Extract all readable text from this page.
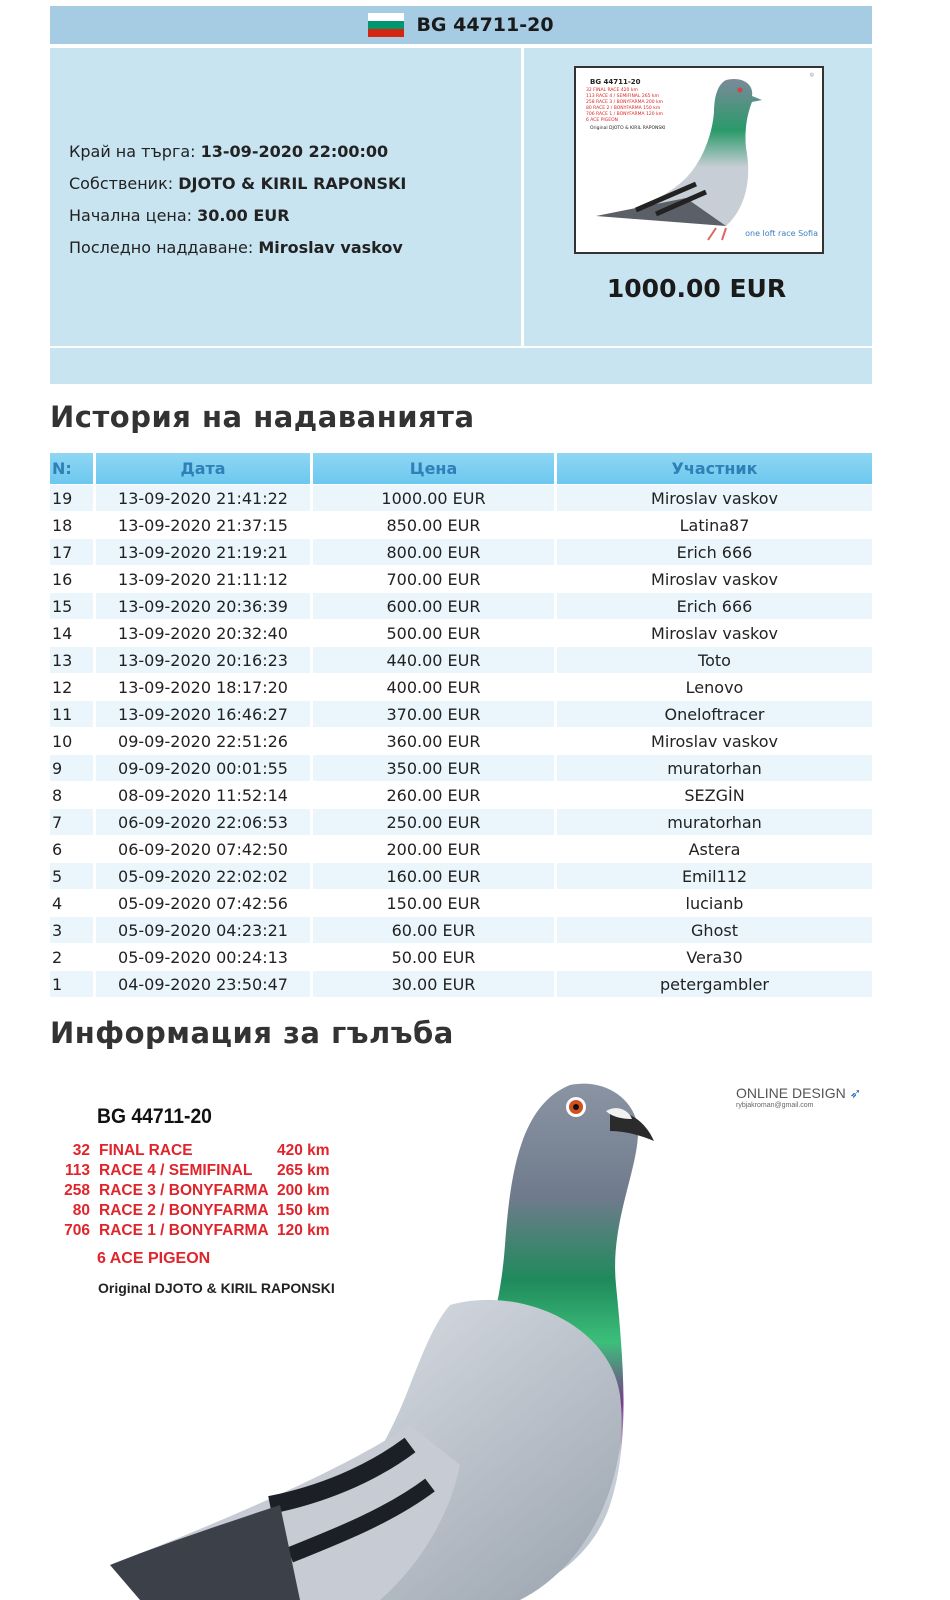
BG 44711-20
Край на търга: 13-09-2020 22:00:00
Собственик: DJOTO & KIRIL RAPONSKI
Начална цена: 30.00 EUR
Последно наддаване: Miroslav vaskov
BG 44711-20
32 FINAL RACE 420 km
113 RACE 4 / SEMIFINAL 265 km
258 RACE 3 / BONYFARMA 200 km
80 RACE 2 / BONYFARMA 150 km
706 RACE 1 / BONYFARMA 120 km
6 ACE PIGEON
Original DJOTO & KIRIL RAPONSKI
◎
one loft race Sofia
1000.00 EUR
История на надаванията
N:	Дата	Цена	Участник
19	13-09-2020 21:41:22	1000.00 EUR	Miroslav vaskov
18	13-09-2020 21:37:15	850.00 EUR	Latina87
17	13-09-2020 21:19:21	800.00 EUR	Erich 666
16	13-09-2020 21:11:12	700.00 EUR	Miroslav vaskov
15	13-09-2020 20:36:39	600.00 EUR	Erich 666
14	13-09-2020 20:32:40	500.00 EUR	Miroslav vaskov
13	13-09-2020 20:16:23	440.00 EUR	Toto
12	13-09-2020 18:17:20	400.00 EUR	Lenovo
11	13-09-2020 16:46:27	370.00 EUR	Oneloftracer
10	09-09-2020 22:51:26	360.00 EUR	Miroslav vaskov
9	09-09-2020 00:01:55	350.00 EUR	muratorhan
8	08-09-2020 11:52:14	260.00 EUR	SEZGİN
7	06-09-2020 22:06:53	250.00 EUR	muratorhan
6	06-09-2020 07:42:50	200.00 EUR	Astera
5	05-09-2020 22:02:02	160.00 EUR	Emil112
4	05-09-2020 07:42:56	150.00 EUR	lucianb
3	05-09-2020 04:23:21	60.00 EUR	Ghost
2	05-09-2020 00:24:13	50.00 EUR	Vera30
1	04-09-2020 23:50:47	30.00 EUR	petergambler
Информация за гълъба
BG 44711-20
32 FINAL RACE	420 km
113 RACE 4 / SEMIFINAL	265 km
258 RACE 3 / BONYFARMA 200 km
80 RACE 2 / BONYFARMA 150 km
706 RACE 1 / BONYFARMA 120 km
6 ACE PIGEON
Original DJOTO & KIRIL RAPONSKI
ONLINE DESIGN ➶
rybjakroman@gmail.com
